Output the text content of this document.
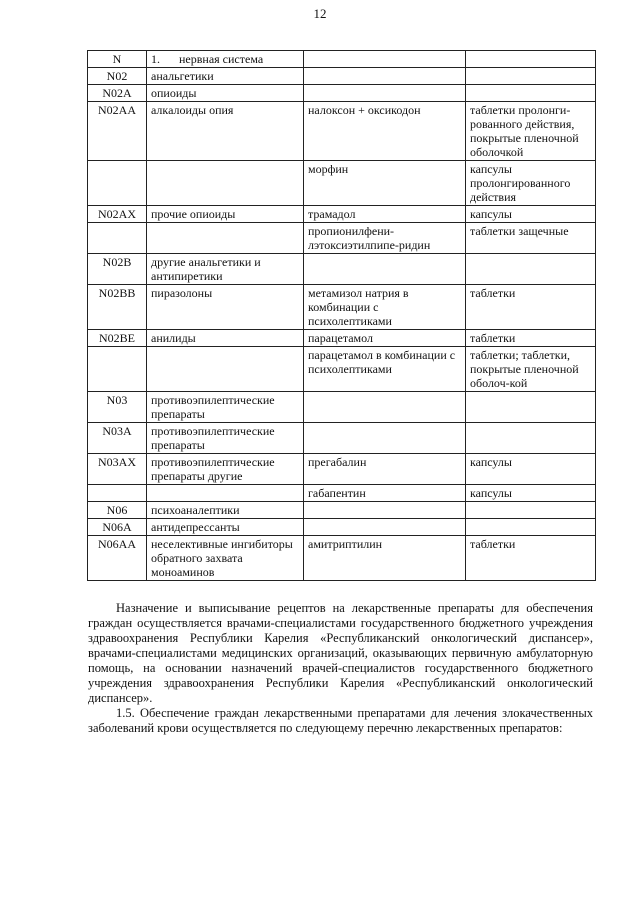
12
N	1. нервная система		
N02	анальгетики		
N02A	опиоиды		
N02AA	алкалоиды опия	налоксон + оксикодон	таблетки пролонги-рованного действия, покрытые пленочной оболочкой
		морфин	капсулы пролонгированного действия
N02AX	прочие опиоиды	трамадол	капсулы
		пропионилфени-лэтоксиэтилпипе-ридин	таблетки защечные
N02B	другие анальгетики и антипиретики		
N02BB	пиразолоны	метамизол натрия в комбинации с психолептиками	таблетки
N02BE	анилиды	парацетамол	таблетки
		парацетамол в комбинации с психолептиками	таблетки; таблетки, покрытые пленочной оболоч-кой
N03	противоэпилептические препараты		
N03A	противоэпилептические препараты		
N03AX	противоэпилептические препараты другие	прегабалин	капсулы
		габапентин	капсулы
N06	психоаналептики		
N06A	антидепрессанты		
N06AA	неселективные ингибиторы обратного захвата моноаминов	амитриптилин	таблетки

Назначение и выписывание рецептов на лекарственные препараты для обеспечения граждан осуществляется врачами-специалистами государственного бюджетного учреждения здравоохранения Республики Карелия «Республиканский онкологический диспансер», врачами-специалистами медицинских организаций, оказывающих первичную амбулаторную помощь, на основании назначений врачей-специалистов государственного бюджетного учреждения здравоохранения Республики Карелия «Республиканский онкологический диспансер».

1.5. Обеспечение граждан лекарственными препаратами для лечения злокачественных заболеваний крови осуществляется по следующему перечню лекарственных препаратов:
